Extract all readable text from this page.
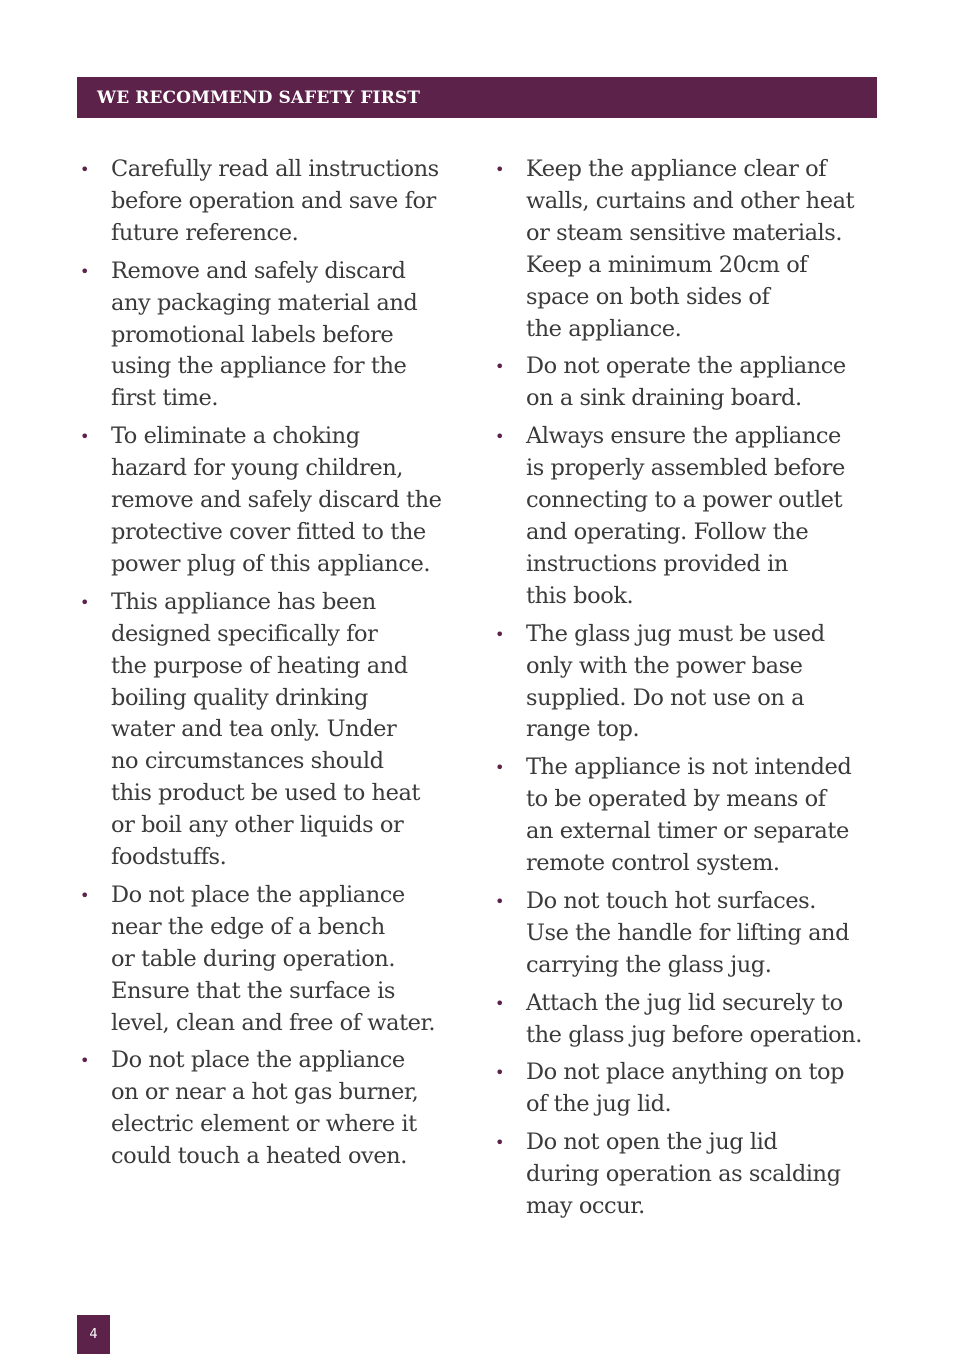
WE RECOMMEND SAFETY FIRST
• Carefully read all instructions
before operation and save for
future reference.
• Remove and safely discard
any packaging material and
promotional labels before
using the appliance for the
first time.
• To eliminate a choking
hazard for young children,
remove and safely discard the
protective cover fitted to the
power plug of this appliance.
• This appliance has been
designed specifically for
the purpose of heating and
boiling quality drinking
water and tea only. Under
no circumstances should
this product be used to heat
or boil any other liquids or
foodstuffs.
• Do not place the appliance
near the edge of a bench
or table during operation.
Ensure that the surface is
level, clean and free of water.
• Do not place the appliance
on or near a hot gas burner,
electric element or where it
could touch a heated oven.
• Keep the appliance clear of
walls, curtains and other heat
or steam sensitive materials.
Keep a minimum 20cm of
space on both sides of
the appliance.
• Do not operate the appliance
on a sink draining board.
• Always ensure the appliance
is properly assembled before
connecting to a power outlet
and operating. Follow the
instructions provided in
this book.
• The glass jug must be used
only with the power base
supplied. Do not use on a
range top.
• The appliance is not intended
to be operated by means of
an external timer or separate
remote control system.
• Do not touch hot surfaces.
Use the handle for lifting and
carrying the glass jug.
• Attach the jug lid securely to
the glass jug before operation.
• Do not place anything on top
of the jug lid.
• Do not open the jug lid
during operation as scalding
may occur.
4
